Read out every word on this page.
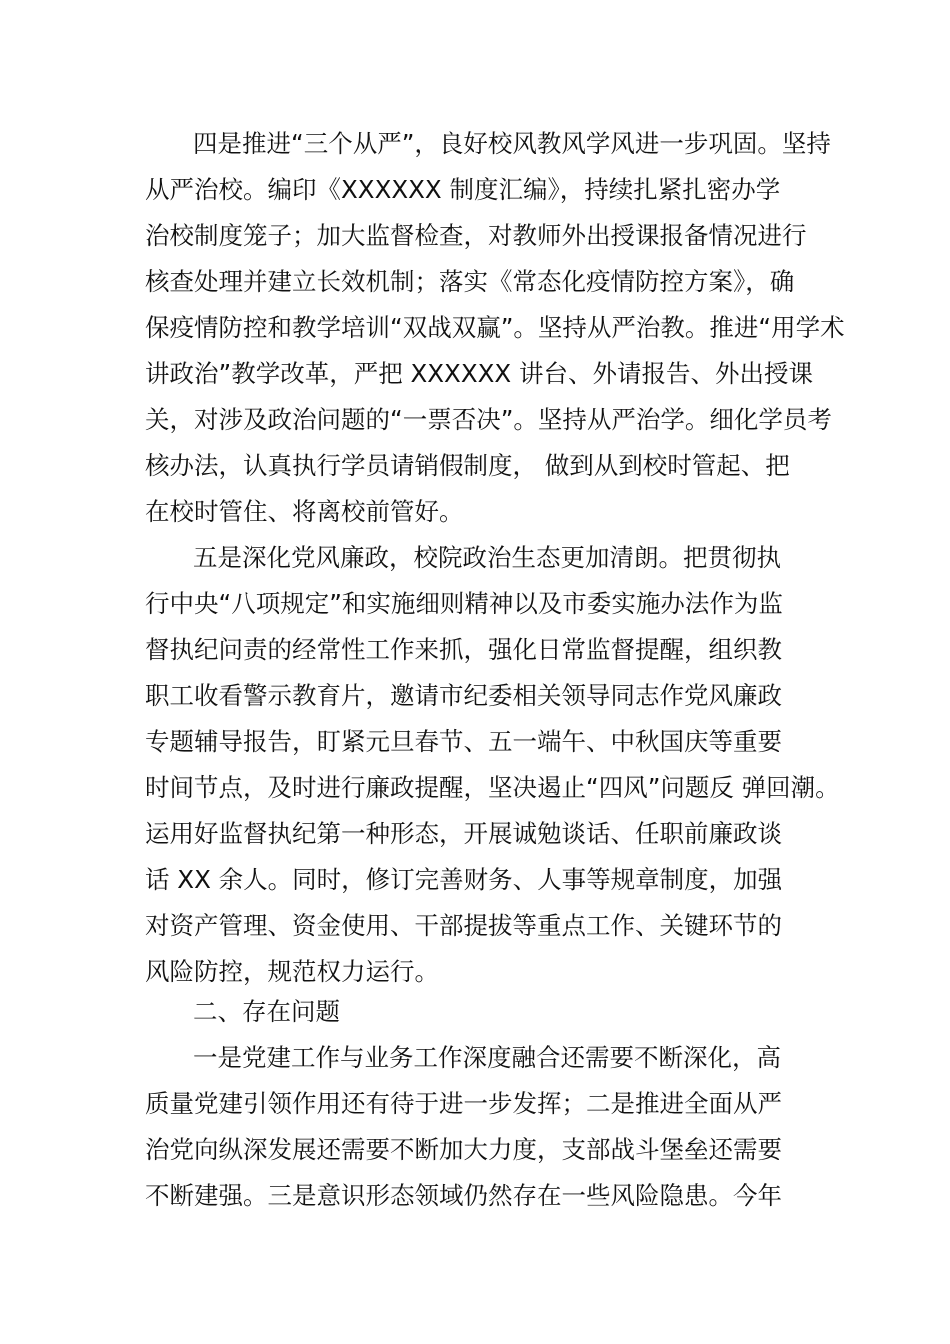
四是推进“三个从严”，良好校风教风学风进一步巩固。坚持

从严治校。编印《XXXXXX 制度汇编》，持续扎紧扎密办学

治校制度笼子；加大监督检查，对教师外出授课报备情况进行

核查处理并建立长效机制；落实《常态化疫情防控方案》，确

保疫情防控和教学培训“双战双赢”。坚持从严治教。推进“用学术

讲政治”教学改革，严把 XXXXXX 讲台、外请报告、外出授课

关，对涉及政治问题的“一票否决”。坚持从严治学。细化学员考

核办法，认真执行学员请销假制度， 做到从到校时管起、把

在校时管住、将离校前管好。

五是深化党风廉政，校院政治生态更加清朗。把贯彻执

行中央“八项规定”和实施细则精神以及市委实施办法作为监

督执纪问责的经常性工作来抓，强化日常监督提醒，组织教

职工收看警示教育片，邀请市纪委相关领导同志作党风廉政

专题辅导报告，盯紧元旦春节、五一端午、中秋国庆等重要

时间节点，及时进行廉政提醒，坚决遏止“四风”问题反 弹回潮。

运用好监督执纪第一种形态，开展诚勉谈话、任职前廉政谈

话 XX 余人。同时，修订完善财务、人事等规章制度，加强

对资产管理、资金使用、干部提拔等重点工作、关键环节的

风险防控，规范权力运行。

二、存在问题

一是党建工作与业务工作深度融合还需要不断深化，高

质量党建引领作用还有待于进一步发挥；二是推进全面从严

治党向纵深发展还需要不断加大力度，支部战斗堡垒还需要

不断建强。三是意识形态领域仍然存在一些风险隐患。今年
